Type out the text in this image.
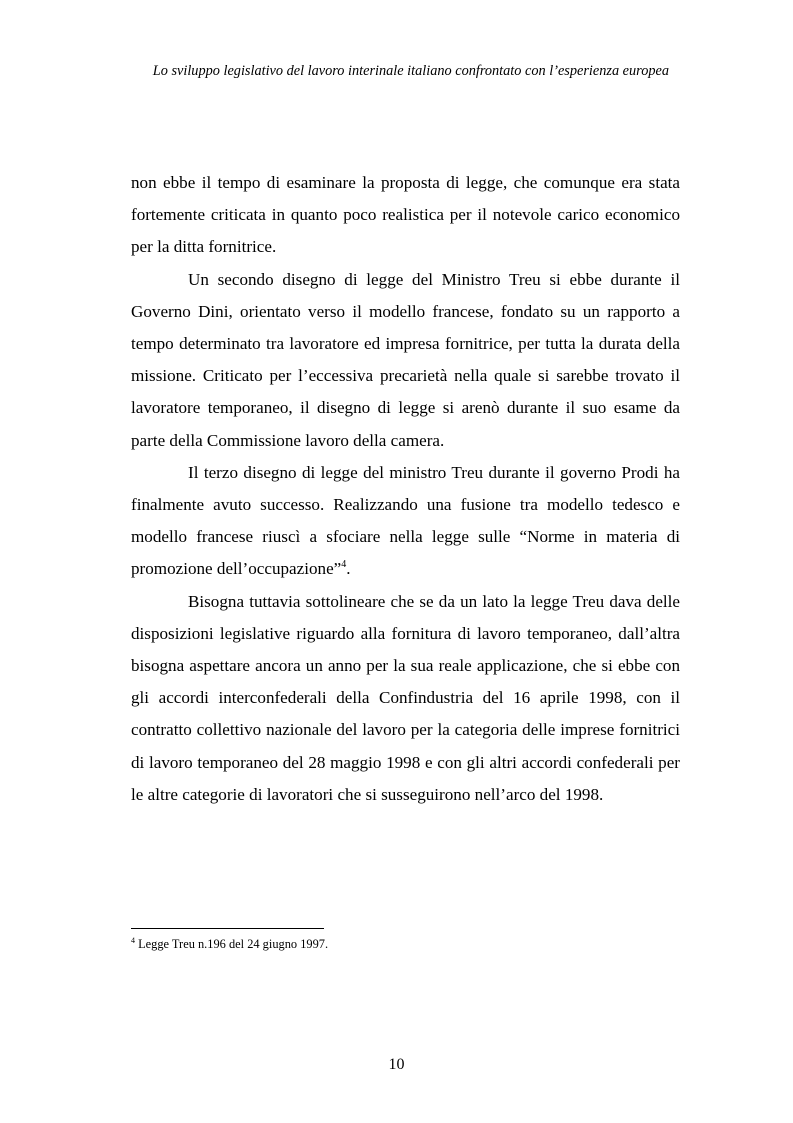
Lo sviluppo legislativo del lavoro interinale italiano confrontato con l’esperienza europea

non ebbe il tempo di esaminare la proposta di legge, che comunque era stata fortemente criticata in quanto poco realistica per il notevole carico economico per la ditta fornitrice.

Un secondo disegno di legge del Ministro Treu si ebbe durante il Governo Dini, orientato verso il modello francese, fondato su un rapporto a tempo determinato tra lavoratore ed impresa fornitrice, per tutta la durata della missione. Criticato per l’eccessiva precarietà nella quale si sarebbe trovato il lavoratore temporaneo, il disegno di legge si arenò durante il suo esame da parte della Commissione lavoro della camera.

Il terzo disegno di legge del ministro Treu durante il governo Prodi ha finalmente avuto successo. Realizzando una fusione tra modello tedesco e modello francese riuscì a sfociare nella legge sulle “Norme in materia di promozione dell’occupazione”$^4$.

Bisogna tuttavia sottolineare che se da un lato la legge Treu dava delle disposizioni legislative riguardo alla fornitura di lavoro temporaneo, dall’altra bisogna aspettare ancora un anno per la sua reale applicazione, che si ebbe con gli accordi interconfederali della Confindustria del 16 aprile 1998, con il contratto collettivo nazionale del lavoro per la categoria delle imprese fornitrici di lavoro temporaneo del 28 maggio 1998 e con gli altri accordi confederali per le altre categorie di lavoratori che si susseguirono nell’arco del 1998.

$^4$ Legge Treu n.196 del 24 giugno 1997.
10
